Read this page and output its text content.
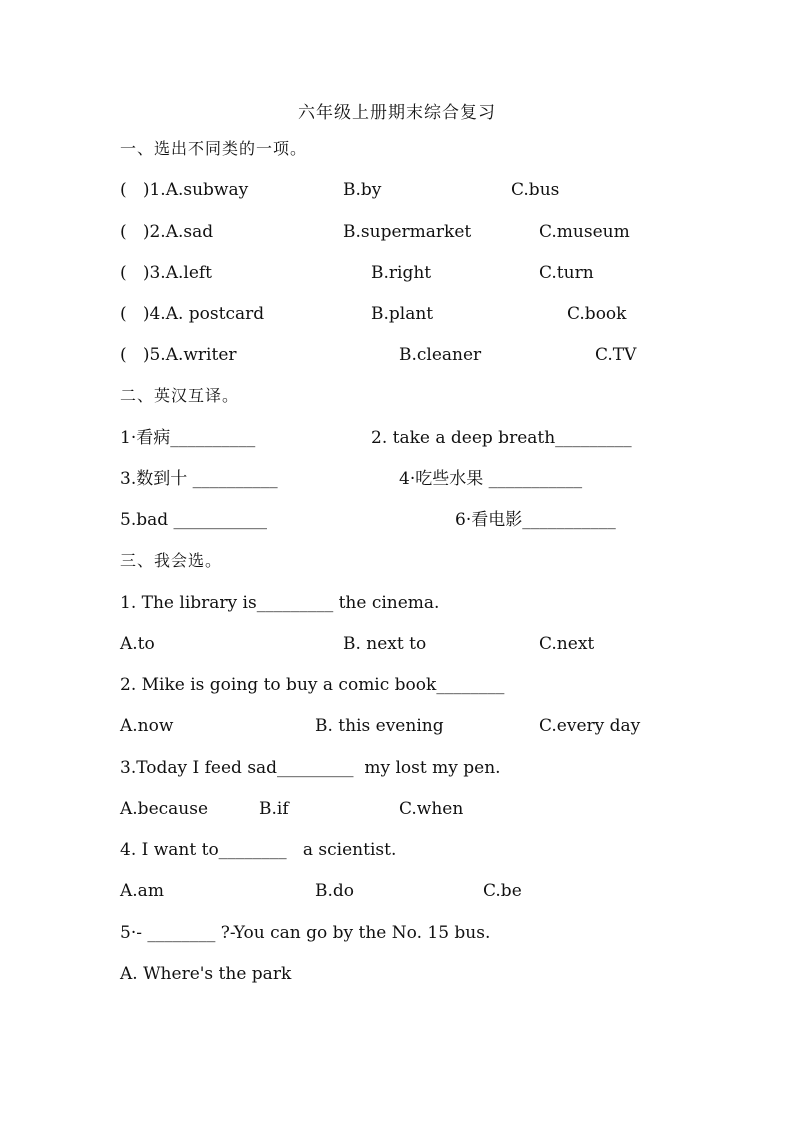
六年级上册期末综合复习
一、选出不同类的一项。
(   )1.A.subway	B.by	C.bus
(   )2.A.sad	B.supermarket	C.museum
(   )3.A.left	B.right	C.turn
(   )4.A. postcard	B.plant	C.book
(   )5.A.writer	B.cleaner	C.TV
二、英汉互译。
1·看病__________	2. take a deep breath_________
3.数到十 __________	4·吃些水果 ___________
5.bad ___________	6·看电影___________
三、我会选。
1. The library is_________ the cinema.
A.to	B. next to	C.next
2. Mike is going to buy a comic book________
A.now	B. this evening	C.every day
3.Today I feed sad_________  my lost my pen.
A.because	B.if	C.when
4. I want to________   a scientist.
A.am	B.do	C.be
5·- ________ ?-You can go by the No. 15 bus.
A. Where's the park
